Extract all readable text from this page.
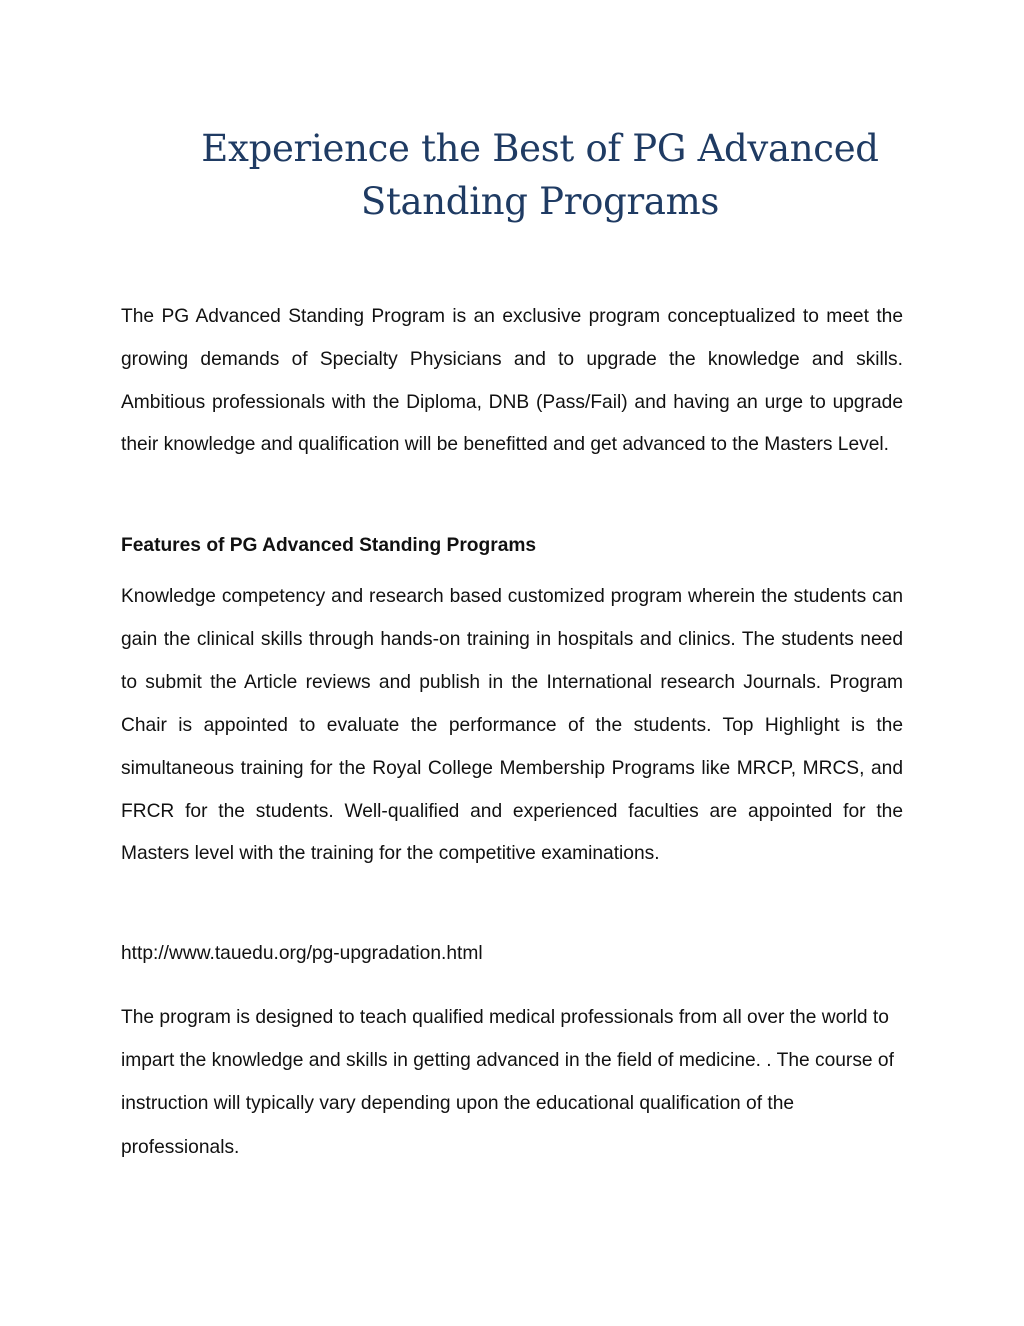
Experience the Best of PG Advanced Standing Programs

The PG Advanced Standing Program is an exclusive program conceptualized to meet the growing demands of Specialty Physicians and to upgrade the knowledge and skills. Ambitious professionals with the Diploma, DNB (Pass/Fail) and having an urge to upgrade their knowledge and qualification will be benefitted and get advanced to the Masters Level.

Features of PG Advanced Standing Programs

Knowledge competency and research based customized program wherein the students can gain the clinical skills through hands-on training in hospitals and clinics. The students need to submit the Article reviews and publish in the International research Journals. Program Chair is appointed to evaluate the performance of the students. Top Highlight is the simultaneous training for the Royal College Membership Programs like MRCP, MRCS, and FRCR for the students. Well-qualified and experienced faculties are appointed for the Masters level with the training for the competitive examinations.

http://www.tauedu.org/pg-upgradation.html

The program is designed to teach qualified medical professionals from all over the world to impart the knowledge and skills in getting advanced in the field of medicine. . The course of instruction will typically vary depending upon the educational qualification of the professionals.
